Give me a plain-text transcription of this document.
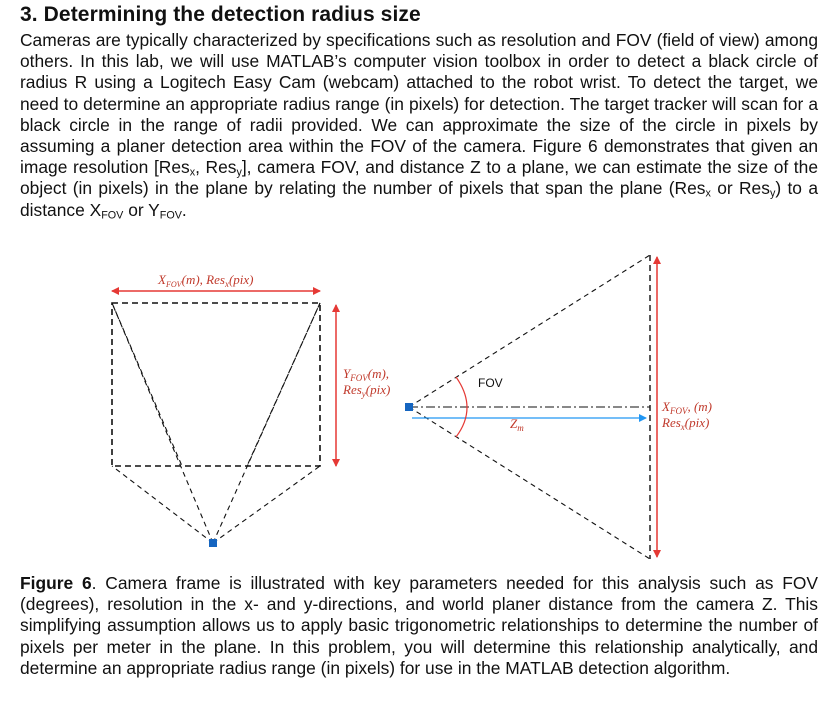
3. Determining the detection radius size

Cameras are typically characterized by specifications such as resolution and FOV (field of view) among others. In this lab, we will use MATLAB’s computer vision toolbox in order to detect a black circle of radius R using a Logitech Easy Cam (webcam) attached to the robot wrist. To detect the target, we need to determine an appropriate radius range (in pixels) for detection. The target tracker will scan for a black circle in the range of radii provided. We can approximate the size of the circle in pixels by assuming a planer detection area within the FOV of the camera. Figure 6 demonstrates that given an image resolution [Res$_x$, Res$_y$], camera FOV, and distance Z to a plane, we can estimate the size of the object (in pixels) in the plane by relating the number of pixels that span the plane (Res$_x$ or Res$_y$) to a distance $X_{FOV}$ or $Y_{FOV}$.

$X_{FOV}(m)$, Res$_x$(pix)
$Y_{FOV}(m)$,
Res$_y$(pix)	FOV
$Z_m$
$X_{FOV}$, (m)
Res$_x$(pix)

Figure 6. Camera frame is illustrated with key parameters needed for this analysis such as FOV (degrees), resolution in the x- and y-directions, and world planer distance from the camera Z. This simplifying assumption allows us to apply basic trigonometric relationships to determine the number of pixels per meter in the plane. In this problem, you will determine this relationship analytically, and determine an appropriate radius range (in pixels) for use in the MATLAB detection algorithm.
